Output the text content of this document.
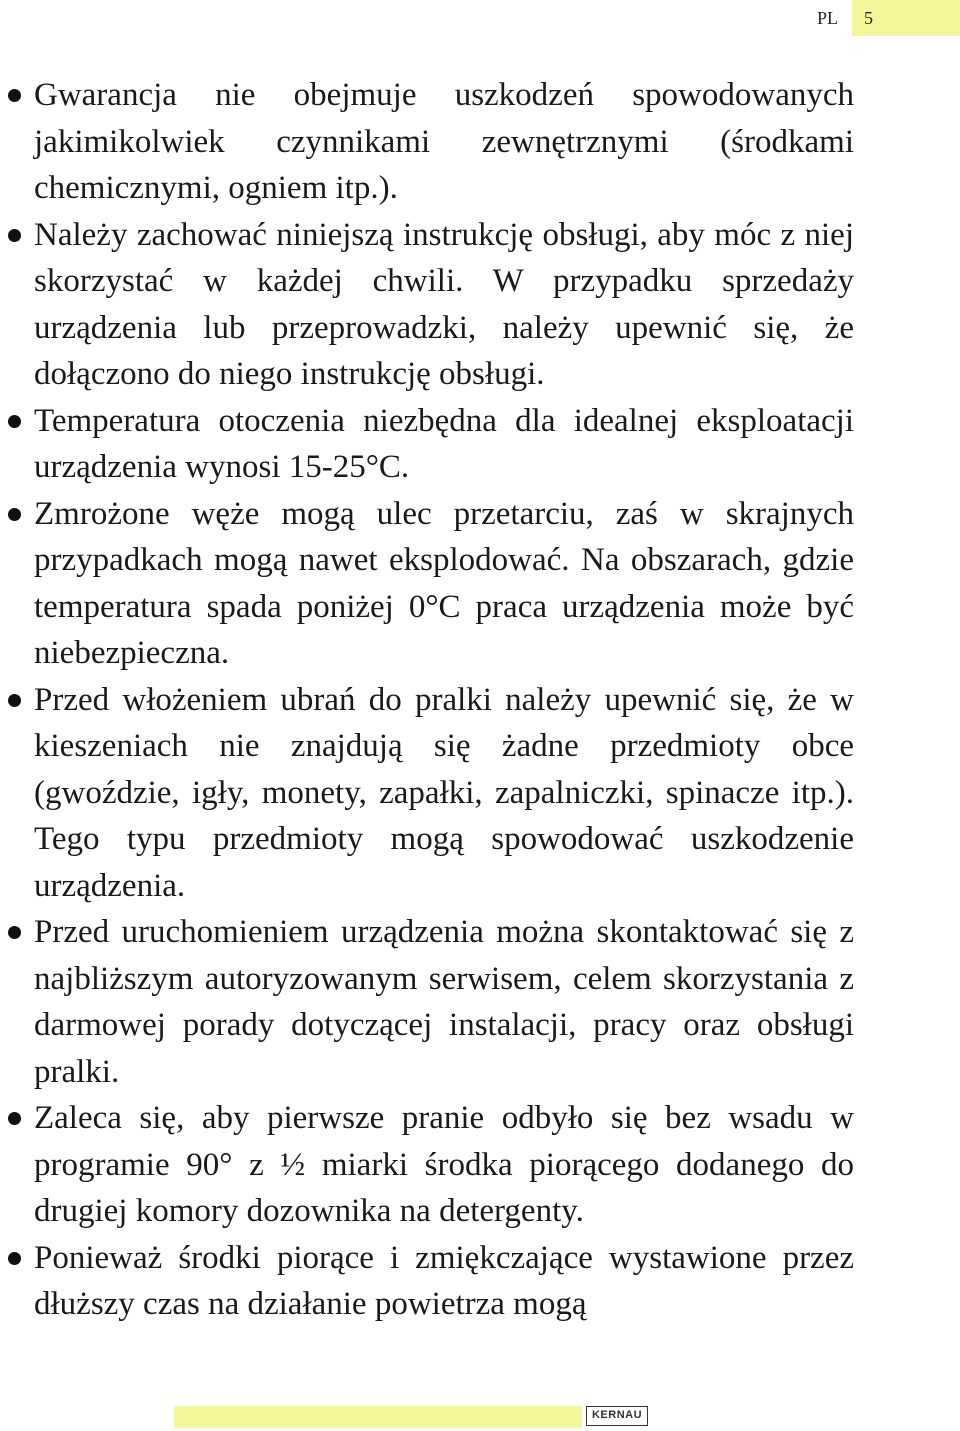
PL	5
Gwarancja nie obejmuje uszkodzeń spowodowanych jakimikolwiek czynnikami zewnętrznymi (środkami chemicznymi, ogniem itp.).
Należy zachować niniejszą instrukcję obsługi, aby móc z niej skorzystać w każdej chwili. W przypadku sprzedaży urządzenia lub przeprowadzki, należy upewnić się, że dołączono do niego instrukcję obsługi.
Temperatura otoczenia niezbędna dla idealnej eksploatacji urządzenia wynosi 15-25°C.
Zmrożone węże mogą ulec przetarciu, zaś w skrajnych przypadkach mogą nawet eksplodować. Na obszarach, gdzie temperatura spada poniżej 0°C praca urządzenia może być niebezpieczna.
Przed włożeniem ubrań do pralki należy upewnić się, że w kieszeniach nie znajdują się żadne przedmioty obce (gwoździe, igły, monety, zapałki, zapalniczki, spinacze itp.). Tego typu przedmioty mogą spowodować uszkodzenie urządzenia.
Przed uruchomieniem urządzenia można skontaktować się z najbliższym autoryzowanym serwisem, celem skorzystania z darmowej porady dotyczącej instalacji, pracy oraz obsługi pralki.
Zaleca się, aby pierwsze pranie odbyło się bez wsadu w programie 90° z ½ miarki środka piorącego dodanego do drugiej komory dozownika na detergenty.
Ponieważ środki piorące i zmiękczające wystawione przez dłuższy czas na działanie powietrza mogą
KERNAU
